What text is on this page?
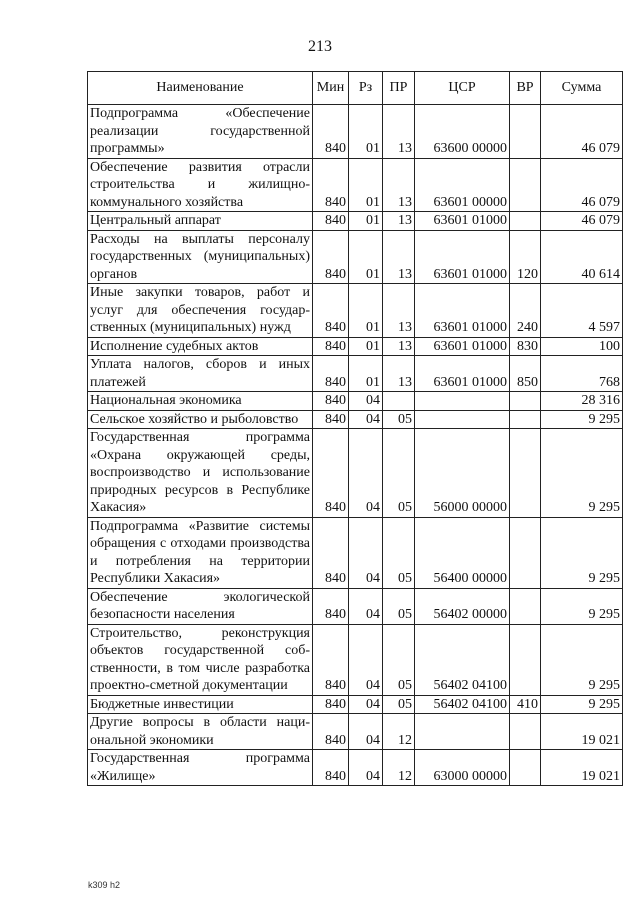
213
Наименование	Мин	Рз	ПР	ЦСР	ВР	Сумма
Подпрограмма «Обеспечение реализации государственной программы»	840	01	13	63600 00000		46 079
Обеспечение развития отрасли строительства и жилищно-коммунального хозяйства	840	01	13	63601 00000		46 079
Центральный аппарат	840	01	13	63601 01000		46 079
Расходы на выплаты персоналу государственных (муниципальных) органов	840	01	13	63601 01000	120	40 614
Иные закупки товаров, работ и услуг для обеспечения государственных (муниципальных) нужд	840	01	13	63601 01000	240	4 597
Исполнение судебных актов	840	01	13	63601 01000	830	100
Уплата налогов, сборов и иных платежей	840	01	13	63601 01000	850	768
Национальная экономика	840	04				28 316
Сельское хозяйство и рыболовство	840	04	05			9 295
Государственная программа «Охрана окружающей среды, воспроизводство и использование природных ресурсов в Республике Хакасия»	840	04	05	56000 00000		9 295
Подпрограмма «Развитие системы обращения с отходами производства и потребления на территории Республики Хакасия»	840	04	05	56400 00000		9 295
Обеспечение экологической безопасности населения	840	04	05	56402 00000		9 295
Строительство, реконструкция объектов государственной собственности, в том числе разработка проектно-сметной документации	840	04	05	56402 04100		9 295
Бюджетные инвестиции	840	04	05	56402 04100	410	9 295
Другие вопросы в области национальной экономики	840	04	12			19 021
Государственная программа «Жилище»	840	04	12	63000 00000		19 021
k309 h2
